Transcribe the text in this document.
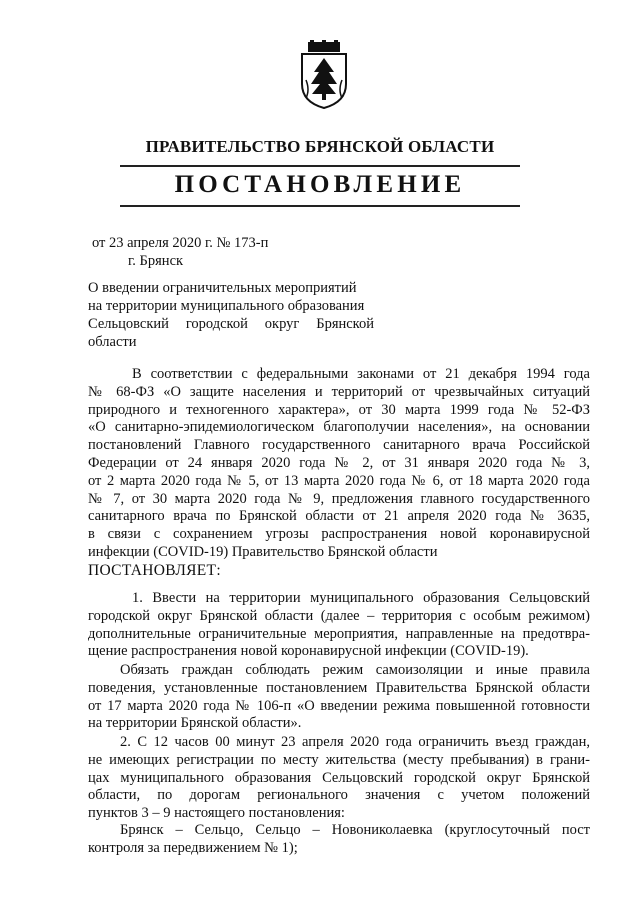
ПРАВИТЕЛЬСТВО БРЯНСКОЙ ОБЛАСТИ
ПОСТАНОВЛЕНИЕ
от 23 апреля 2020 г. № 173-п
г. Брянск
О введении ограничительных мероприятий
на территории муниципального образования
Сельцовский городской округ Брянской
области
В соответствии с федеральными законами от 21 декабря 1994 года
№ 68-ФЗ «О защите населения и территорий от чрезвычайных ситуаций
природного и техногенного характера», от 30 марта 1999 года № 52-ФЗ
«О санитарно-эпидемиологическом благополучии населения», на основании
постановлений Главного государственного санитарного врача Российской
Федерации от 24 января 2020 года № 2, от 31 января 2020 года № 3,
от 2 марта 2020 года № 5, от 13 марта 2020 года № 6, от 18 марта 2020 года
№ 7, от 30 марта 2020 года № 9, предложения главного государственного
санитарного врача по Брянской области от 21 апреля 2020 года № 3635,
в связи с сохранением угрозы распространения новой коронавирусной
инфекции (COVID-19) Правительство Брянской области
ПОСТАНОВЛЯЕТ:
1. Ввести на территории муниципального образования Сельцовский
городской округ Брянской области (далее – территория с особым режимом)
дополнительные ограничительные мероприятия, направленные на предотвра-
щение распространения новой коронавирусной инфекции (COVID-19).
Обязать граждан соблюдать режим самоизоляции и иные правила
поведения, установленные постановлением Правительства Брянской области
от 17 марта 2020 года № 106-п «О введении режима повышенной готовности
на территории Брянской области».
2. С 12 часов 00 минут 23 апреля 2020 года ограничить въезд граждан,
не имеющих регистрации по месту жительства (месту пребывания) в грани-
цах муниципального образования Сельцовский городской округ Брянской
области, по дорогам регионального значения с учетом положений
пунктов 3 – 9 настоящего постановления:
Брянск – Сельцо, Сельцо – Новониколаевка (круглосуточный пост
контроля за передвижением № 1);
